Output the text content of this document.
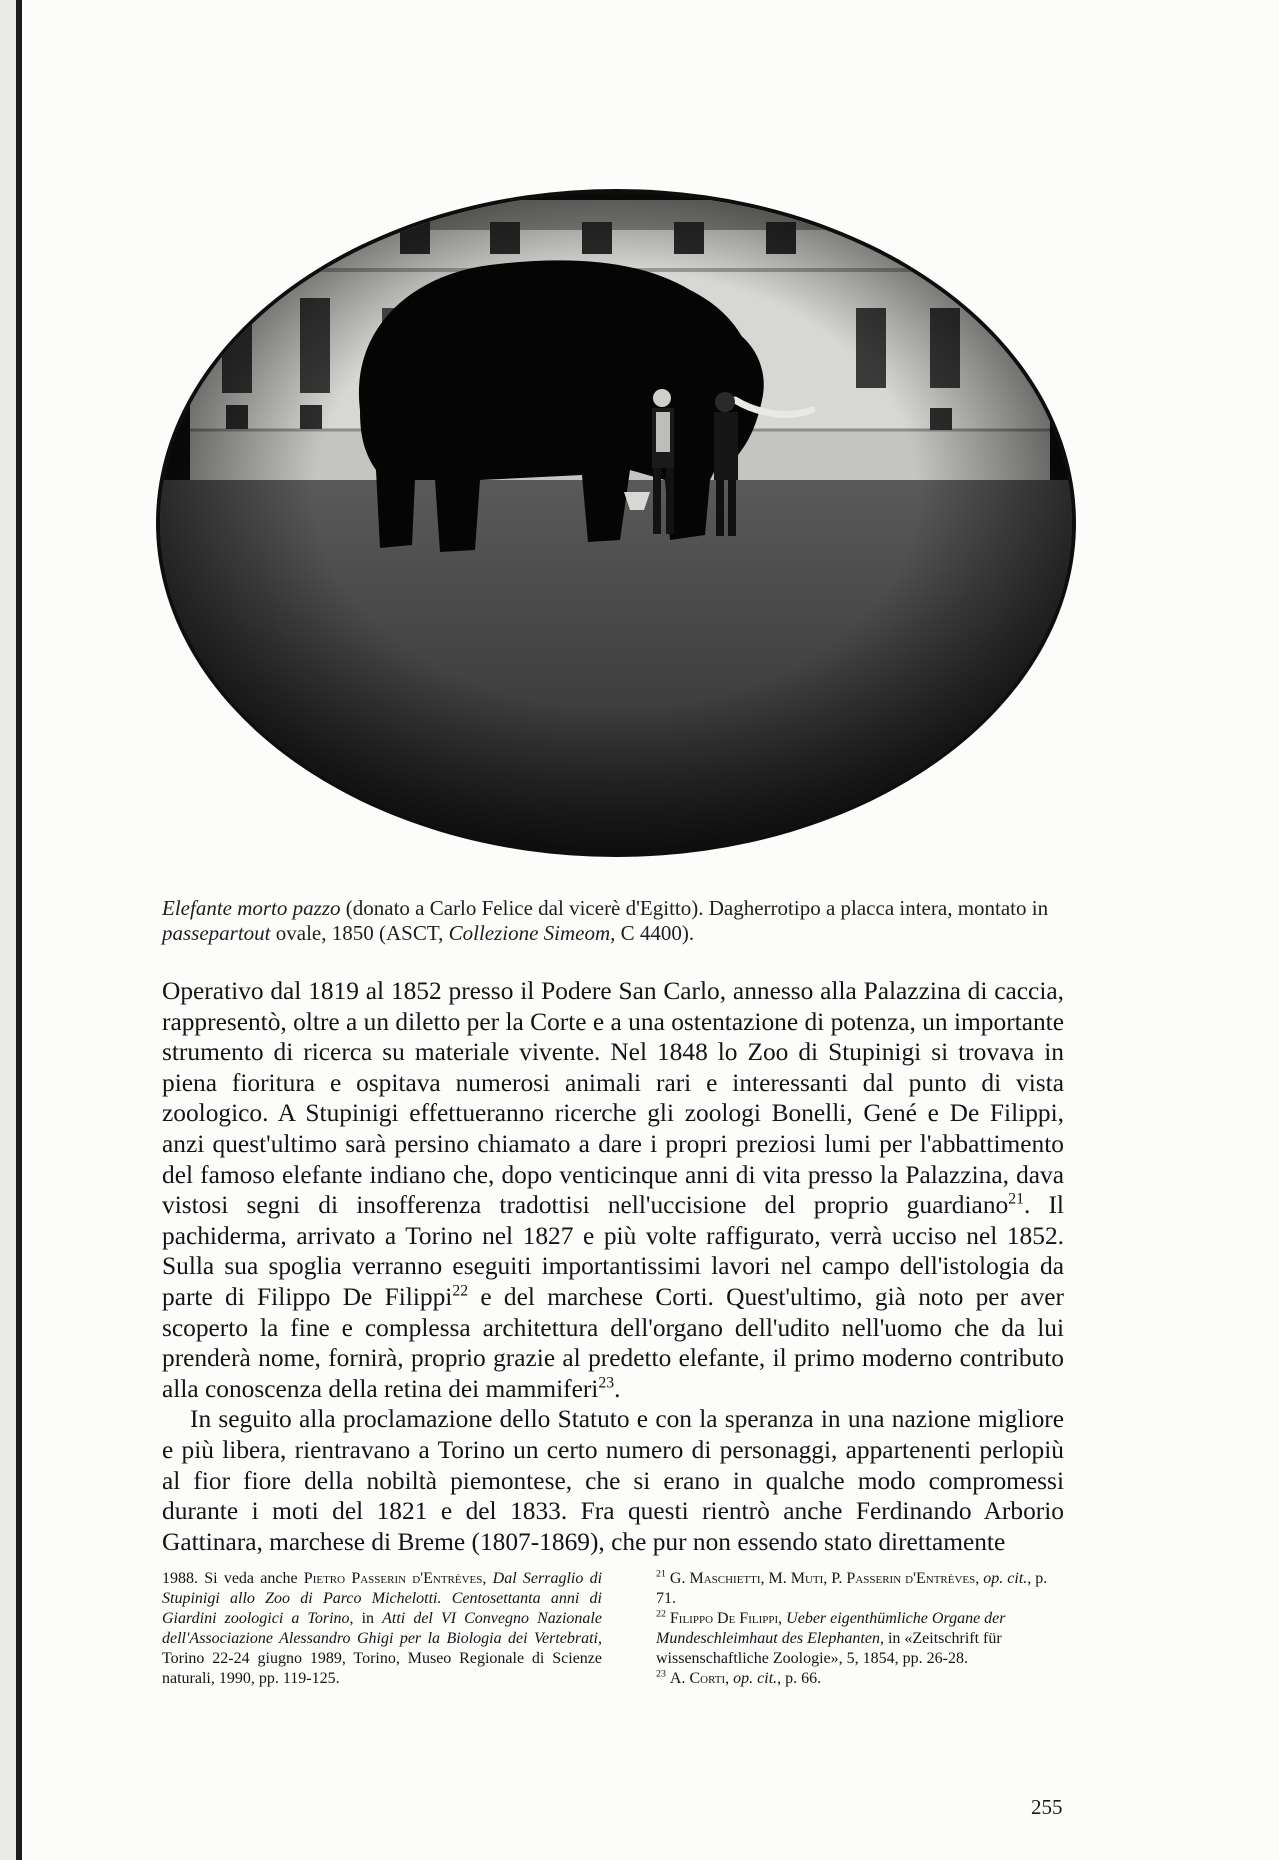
Elefante morto pazzo (donato a Carlo Felice dal vicerè d'Egitto). Dagherrotipo a placca intera, montato in passepartout ovale, 1850 (ASCT, Collezione Simeom, C 4400).

Operativo dal 1819 al 1852 presso il Podere San Carlo, annesso alla Palazzina di caccia, rappresentò, oltre a un diletto per la Corte e a una ostentazione di potenza, un importante strumento di ricerca su materiale vivente. Nel 1848 lo Zoo di Stupinigi si trovava in piena fioritura e ospitava numerosi animali rari e interessanti dal punto di vista zoologico. A Stupinigi effettueranno ricerche gli zoologi Bonelli, Gené e De Filippi, anzi quest'ultimo sarà persino chiamato a dare i propri preziosi lumi per l'abbattimento del famoso elefante indiano che, dopo venticinque anni di vita presso la Palazzina, dava vistosi segni di insofferenza tradottisi nell'uccisione del proprio guardiano$^{21}$. Il pachiderma, arrivato a Torino nel 1827 e più volte raffigurato, verrà ucciso nel 1852. Sulla sua spoglia verranno eseguiti importantissimi lavori nel campo dell'istologia da parte di Filippo De Filippi$^{22}$ e del marchese Corti. Quest'ultimo, già noto per aver scoperto la fine e complessa architettura dell'organo dell'udito nell'uomo che da lui prenderà nome, fornirà, proprio grazie al predetto elefante, il primo moderno contributo alla conoscenza della retina dei mammiferi$^{23}$.

In seguito alla proclamazione dello Statuto e con la speranza in una nazione migliore e più libera, rientravano a Torino un certo numero di personaggi, appartenenti perlopiù al fior fiore della nobiltà piemontese, che si erano in qualche modo compromessi durante i moti del 1821 e del 1833. Fra questi rientrò anche Ferdinando Arborio Gattinara, marchese di Breme (1807-1869), che pur non essendo stato direttamente

1988. Si veda anche Pietro Passerin d'Entrèves, Dal Serraglio di Stupinigi allo Zoo di Parco Michelotti. Centosettanta anni di Giardini zoologici a Torino, in Atti del VI Convegno Nazionale dell'Associazione Alessandro Ghigi per la Biologia dei Vertebrati, Torino 22-24 giugno 1989, Torino, Museo Regionale di Scienze naturali, 1990, pp. 119-125.

$^{21}$ G. Maschietti, M. Muti, P. Passerin d'Entrèves, op. cit., p. 71.

$^{22}$ Filippo De Filippi, Ueber eigenthümliche Organe der Mundeschleimhaut des Elephanten, in «Zeitschrift für wissenschaftliche Zoologie», 5, 1854, pp. 26-28.

$^{23}$ A. Corti, op. cit., p. 66.

255
